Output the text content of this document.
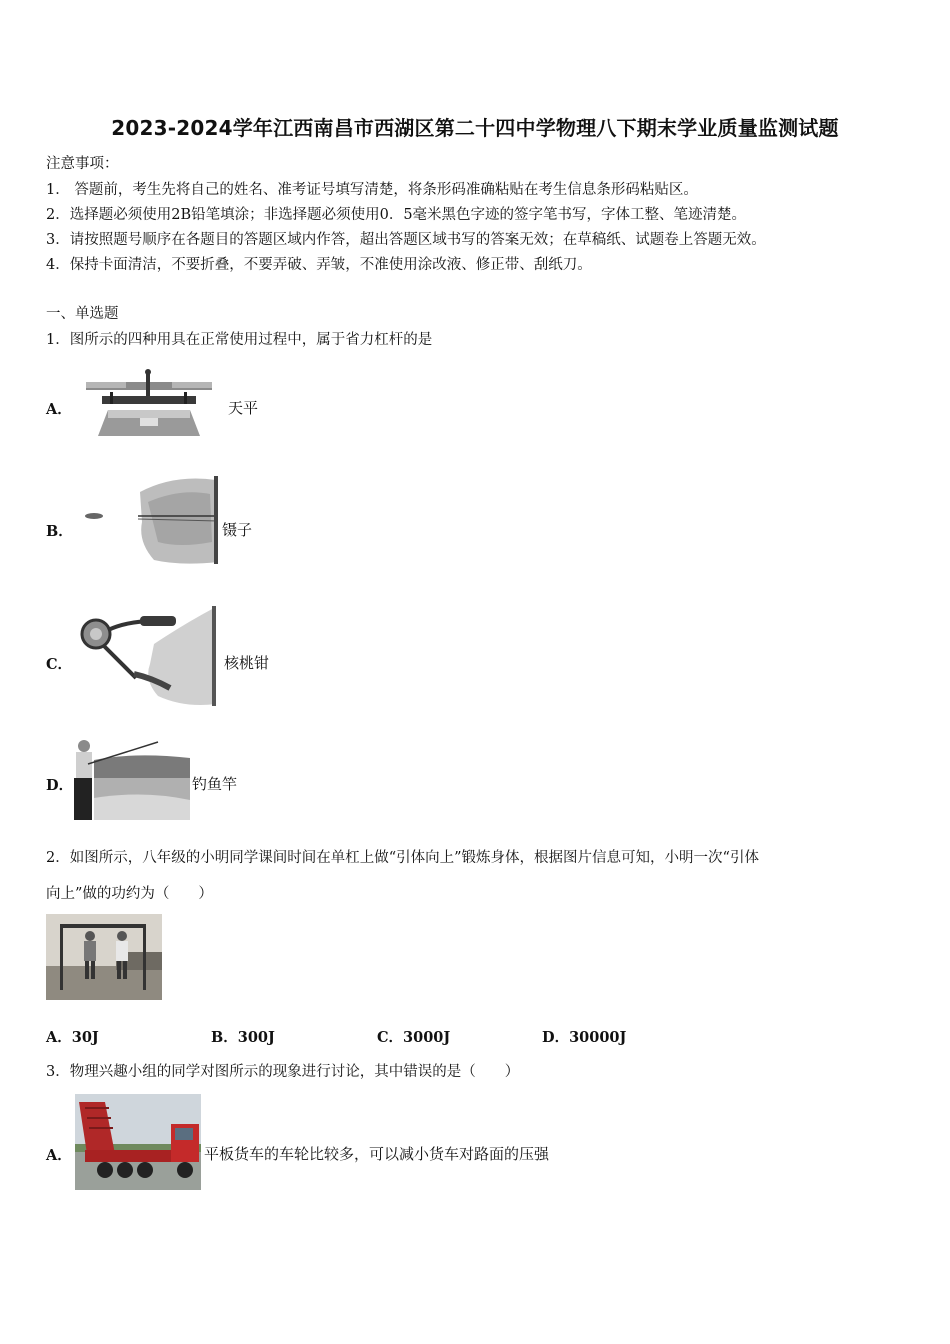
2023-2024学年江西南昌市西湖区第二十四中学物理八下期末学业质量监测试题
注意事项：
1． 答题前，考生先将自己的姓名、准考证号填写清楚，将条形码准确粘贴在考生信息条形码粘贴区。
2．选择题必须使用2B铅笔填涂；非选择题必须使用0．5毫米黑色字迹的签字笔书写，字体工整、笔迹清楚。
3．请按照题号顺序在各题目的答题区域内作答，超出答题区域书写的答案无效；在草稿纸、试题卷上答题无效。
4．保持卡面清洁，不要折叠，不要弄破、弄皱，不准使用涂改液、修正带、刮纸刀。
一、单选题
1．图所示的四种用具在正常使用过程中，属于省力杠杆的是
A．	天平
B．	镊子
C．	核桃钳
D．	钓鱼竿
2．如图所示，八年级的小明同学课间时间在单杠上做“引体向上”锻炼身体，根据图片信息可知，小明一次“引体
向上”做的功约为（　　）
A．30J	B．300J	C．3000J	D．30000J
3．物理兴趣小组的同学对图所示的现象进行讨论，其中错误的是（　　）
A．	平板货车的车轮比较多，可以减小货车对路面的压强
